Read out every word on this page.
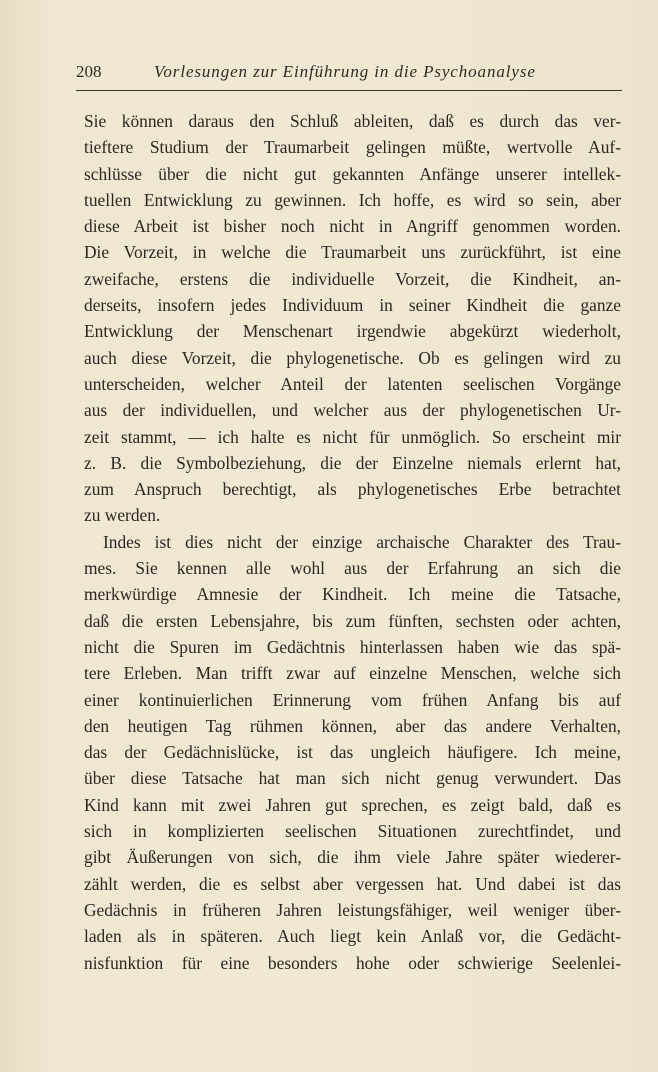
208	Vorlesungen zur Einführung in die Psychoanalyse
Sie können daraus den Schluß ableiten, daß es durch das ver-
tieftere Studium der Traumarbeit gelingen müßte, wertvolle Auf-
schlüsse über die nicht gut gekannten Anfänge unserer intellek-
tuellen Entwicklung zu gewinnen. Ich hoffe, es wird so sein, aber
diese Arbeit ist bisher noch nicht in Angriff genommen worden.
Die Vorzeit, in welche die Traumarbeit uns zurückführt, ist eine
zweifache, erstens die individuelle Vorzeit, die Kindheit, an-
derseits, insofern jedes Individuum in seiner Kindheit die ganze
Entwicklung der Menschenart irgendwie abgekürzt wiederholt,
auch diese Vorzeit, die phylogenetische. Ob es gelingen wird zu
unterscheiden, welcher Anteil der latenten seelischen Vorgänge
aus der individuellen, und welcher aus der phylogenetischen Ur-
zeit stammt, — ich halte es nicht für unmöglich. So erscheint mir
z. B. die Symbolbeziehung, die der Einzelne niemals erlernt hat,
zum Anspruch berechtigt, als phylogenetisches Erbe betrachtet
zu werden.
Indes ist dies nicht der einzige archaische Charakter des Trau-
mes. Sie kennen alle wohl aus der Erfahrung an sich die
merkwürdige Amnesie der Kindheit. Ich meine die Tatsache,
daß die ersten Lebensjahre, bis zum fünften, sechsten oder achten,
nicht die Spuren im Gedächtnis hinterlassen haben wie das spä-
tere Erleben. Man trifft zwar auf einzelne Menschen, welche sich
einer kontinuierlichen Erinnerung vom frühen Anfang bis auf
den heutigen Tag rühmen können, aber das andere Verhalten,
das der Gedächnislücke, ist das ungleich häufigere. Ich meine,
über diese Tatsache hat man sich nicht genug verwundert. Das
Kind kann mit zwei Jahren gut sprechen, es zeigt bald, daß es
sich in komplizierten seelischen Situationen zurechtfindet, und
gibt Äußerungen von sich, die ihm viele Jahre später wiederer-
zählt werden, die es selbst aber vergessen hat. Und dabei ist das
Gedächnis in früheren Jahren leistungsfähiger, weil weniger über-
laden als in späteren. Auch liegt kein Anlaß vor, die Gedächt-
nisfunktion für eine besonders hohe oder schwierige Seelenlei-
